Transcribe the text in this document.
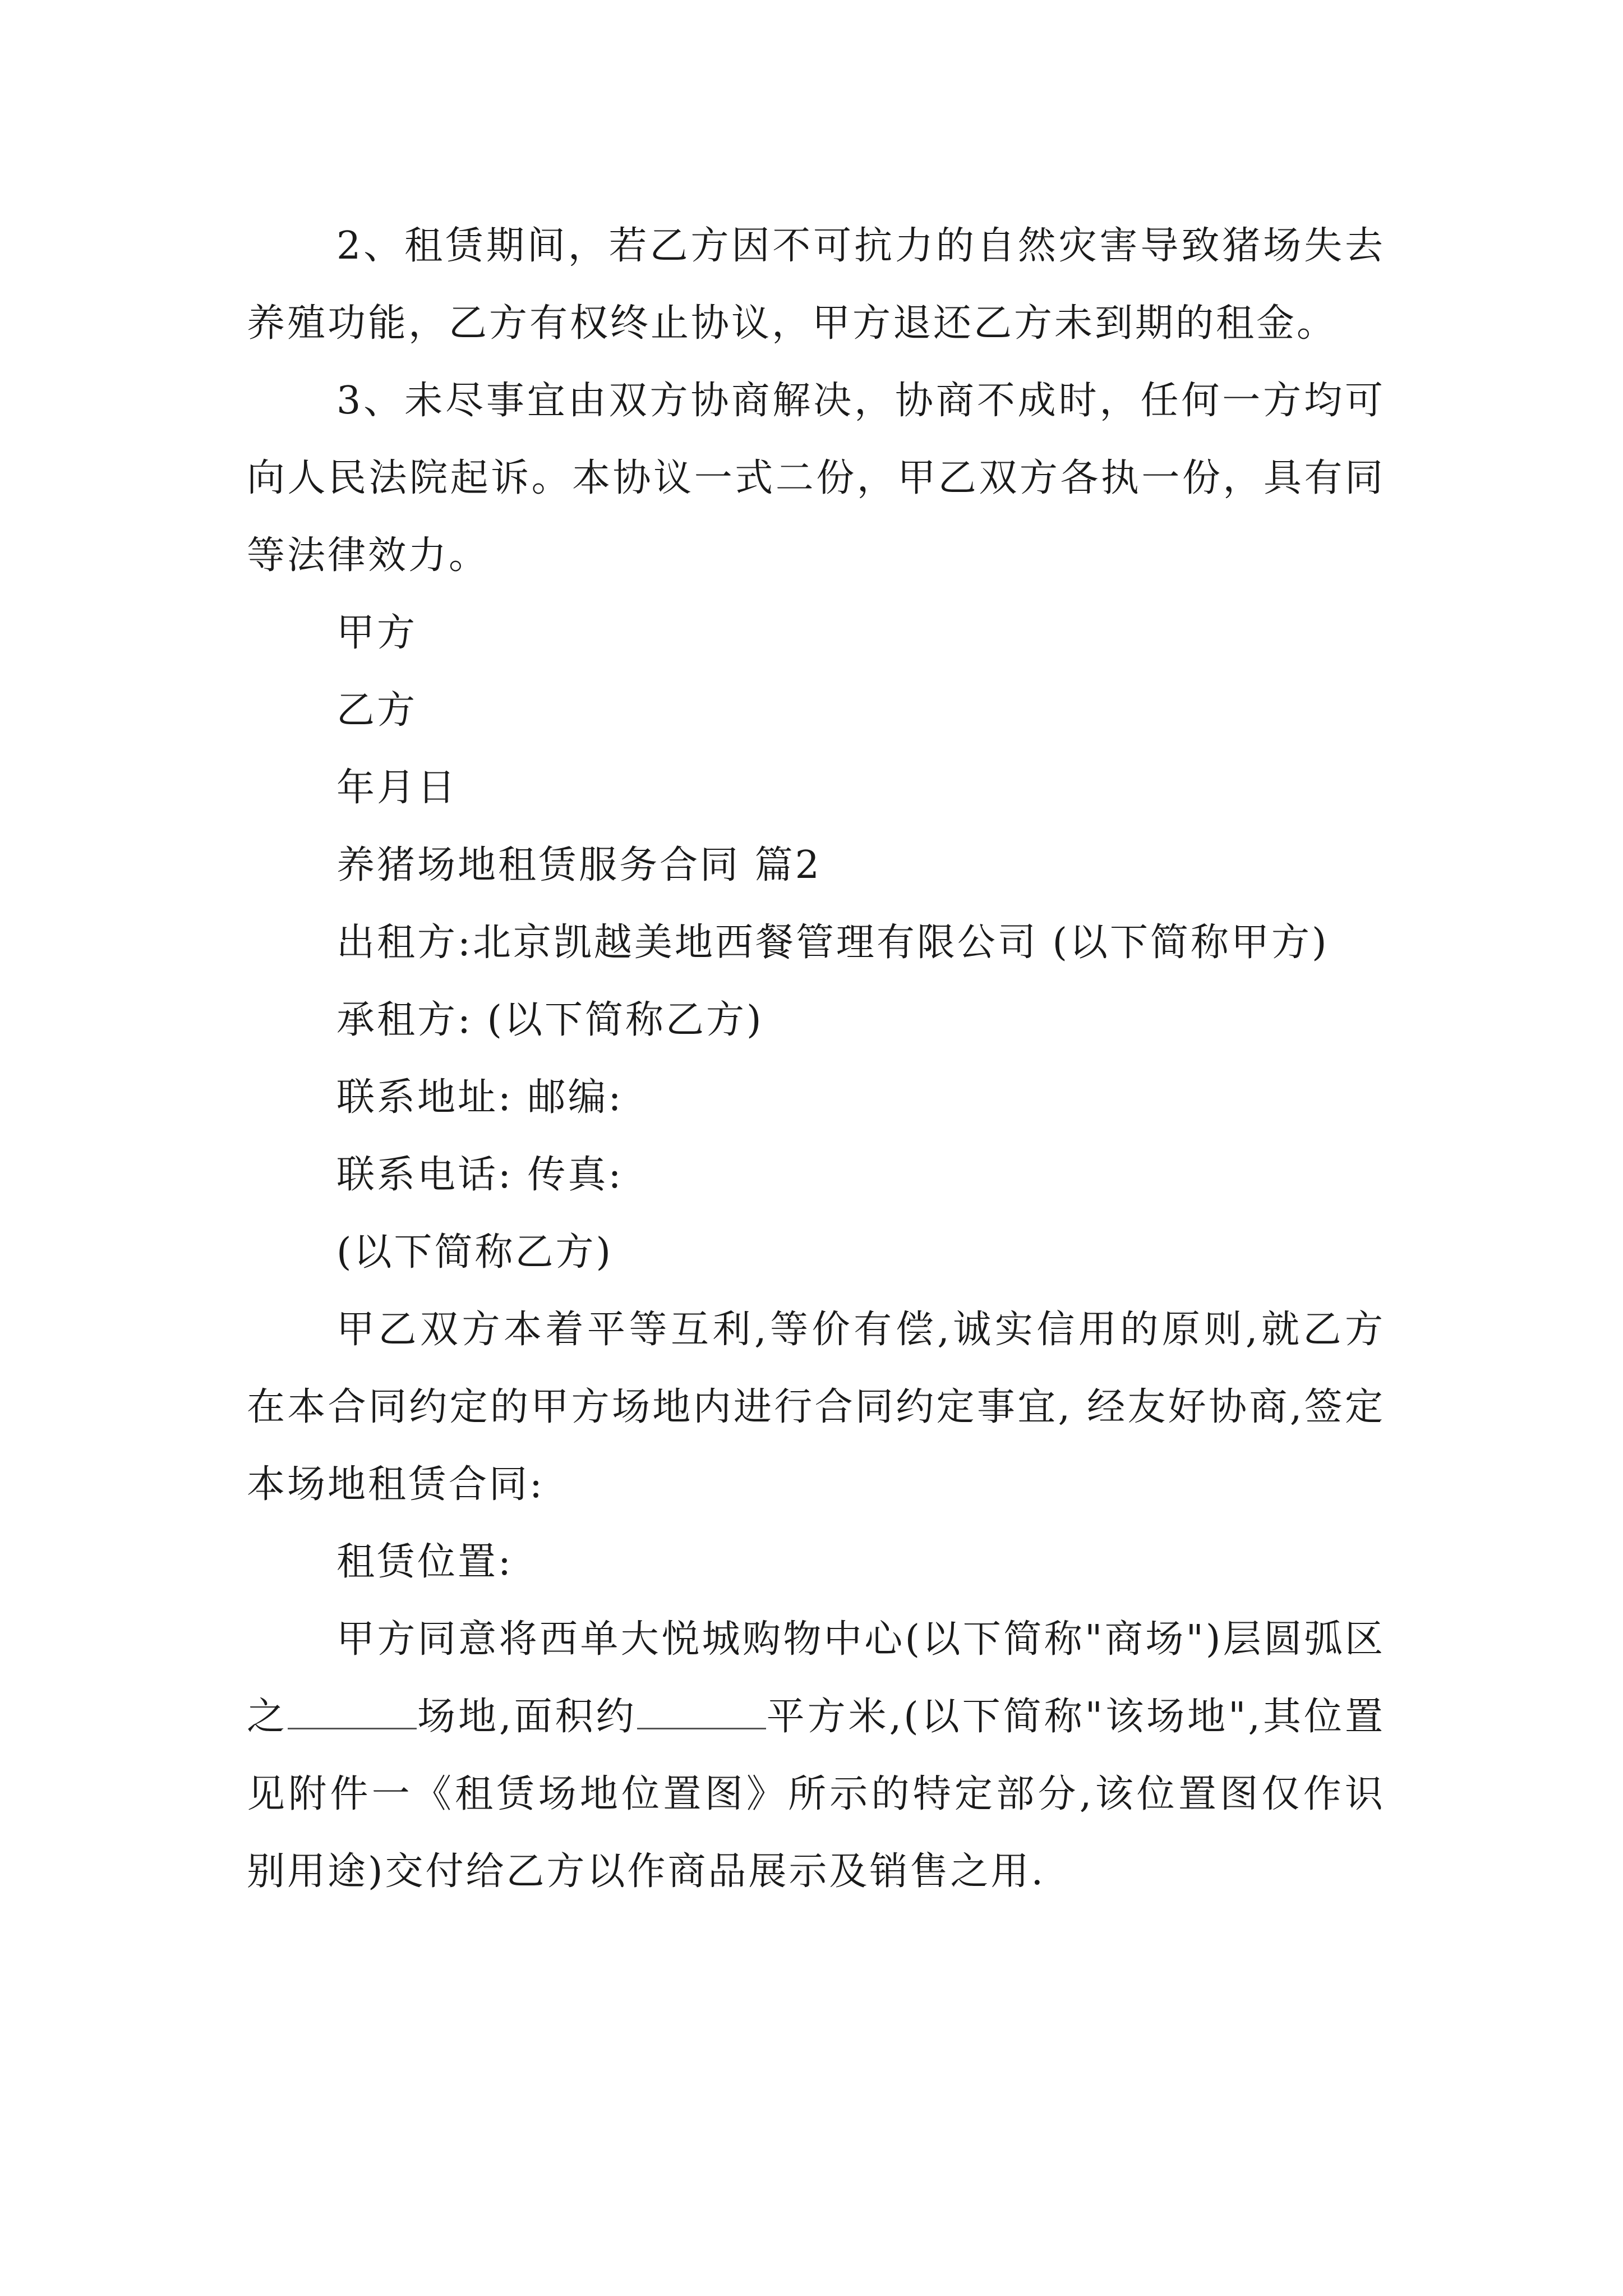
2、租赁期间，若乙方因不可抗力的自然灾害导致猪场失去养殖功能，乙方有权终止协议，甲方退还乙方未到期的租金。

3、未尽事宜由双方协商解决，协商不成时，任何一方均可向人民法院起诉。本协议一式二份，甲乙双方各执一份，具有同等法律效力。

甲方

乙方

年月日

养猪场地租赁服务合同 篇2

出租方:北京凯越美地西餐管理有限公司 (以下简称甲方)

承租方: (以下简称乙方)

联系地址: 邮编:

联系电话: 传真:

(以下简称乙方)

甲乙双方本着平等互利,等价有偿,诚实信用的原则,就乙方在本合同约定的甲方场地内进行合同约定事宜, 经友好协商,签定本场地租赁合同:

租赁位置:

甲方同意将西单大悦城购物中心(以下简称"商场")层圆弧区之	场地,面积约	平方米,(以下简称"该场地",其位置见附件一《租赁场地位置图》所示的特定部分,该位置图仅作识别用途)交付给乙方以作商品展示及销售之用.
